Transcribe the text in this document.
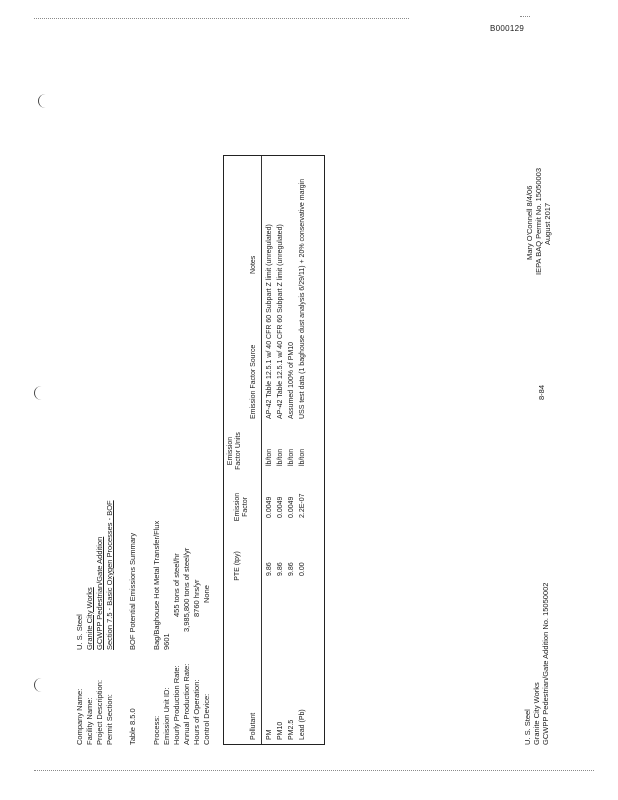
B000129
Company Name:
U. S. Steel
Facility Name:
Granite City Works
Project Description:
GCWPP Pedestrian/Gate Addition
Permit Section:
Section 7.5 - Basic Oxygen Processes - BOF
Table 8.5.0
BOF Potential Emissions Summary
Process:
Bag/Baghouse Hot Metal Transfer/Flux
Emission Unit ID:
9601
Hourly Production Rate:
455 tons of steel/hr
Annual Production Rate:
3,985,800 tons of steel/yr
Hours of Operation:
8760 hrs/yr
Control Device:
None
Pollutant
PTE (tpy)
Emission Factor
Emission Factor Units
Emission Factor Source
Notes
PM
9.86
0.0049
lb/ton
AP-42 Table 12.5.1 w/ 40 CFR 60 Subpart Z limit (unregulated)
PM10
9.86
0.0049
lb/ton
AP-42 Table 12.5.1 w/ 40 CFR 60 Subpart Z limit (unregulated)
PM2.5
9.86
0.0049
lb/ton
Assumed 100% of PM10
Lead (Pb)
0.00
2.2E-07
lb/ton
USS test data (1 baghouse dust analysis 6/29/11) + 20% conservative margin
U. S. Steel Granite City Works GCWPP Pedestrian/Gate Addition No. 15050002
8-84
Mary O'Connell 8/4/06 IEPA BAQ Permit No. 15050003 August 2017
